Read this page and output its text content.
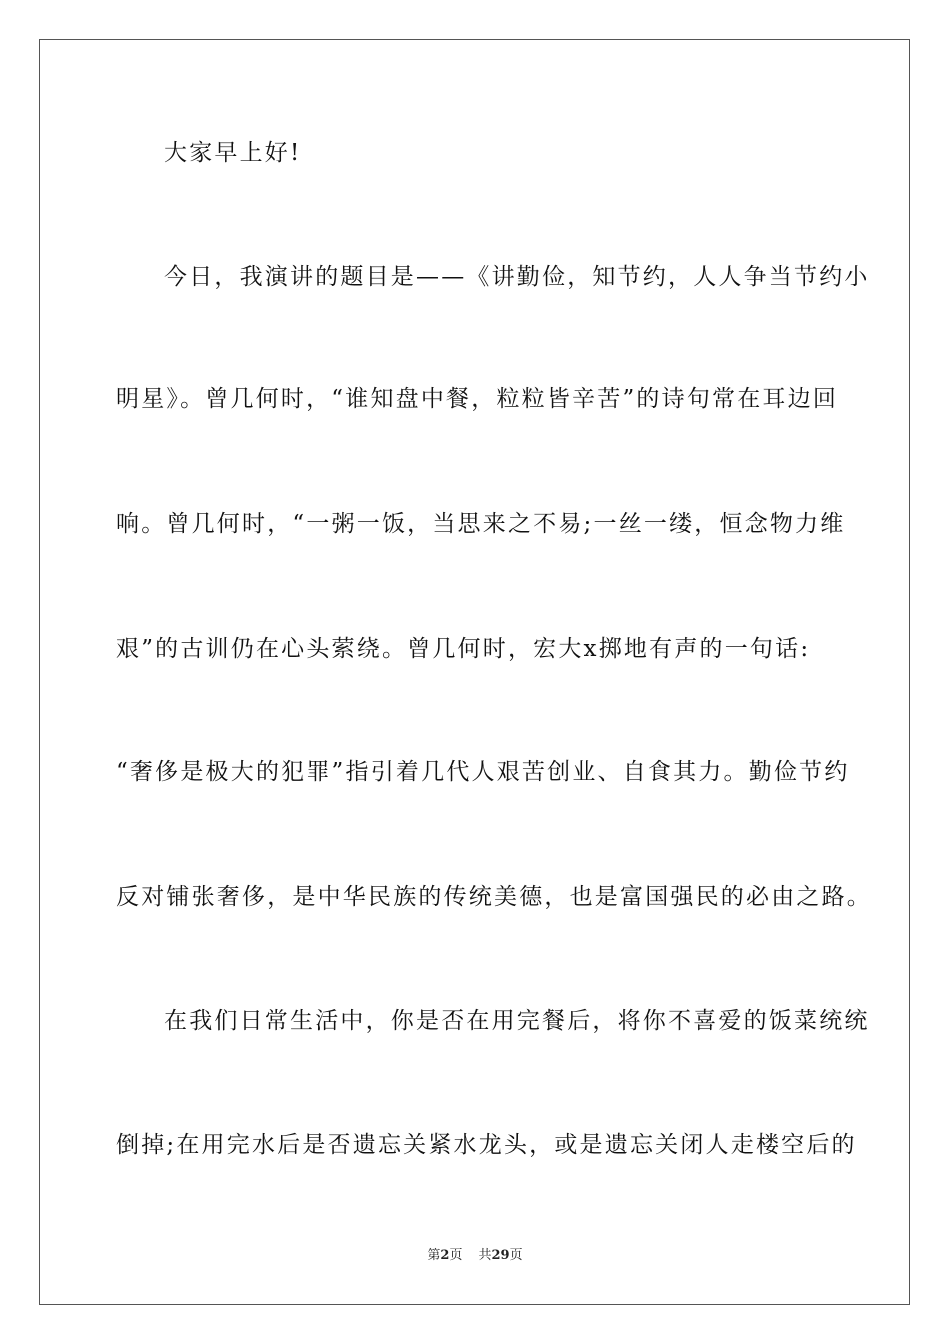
大家早上好!
今日，我演讲的题目是——《讲勤俭，知节约，人人争当节约小
明星》。曾几何时，“谁知盘中餐，粒粒皆辛苦”的诗句常在耳边回
响。曾几何时，“一粥一饭，当思来之不易;一丝一缕，恒念物力维
艰”的古训仍在心头萦绕。曾几何时，宏大x掷地有声的一句话:
“奢侈是极大的犯罪”指引着几代人艰苦创业、自食其力。勤俭节约
反对铺张奢侈，是中华民族的传统美德，也是富国强民的必由之路。
在我们日常生活中，你是否在用完餐后，将你不喜爱的饭菜统统
倒掉;在用完水后是否遗忘关紧水龙头，或是遗忘关闭人走楼空后的
第2页 共29页
